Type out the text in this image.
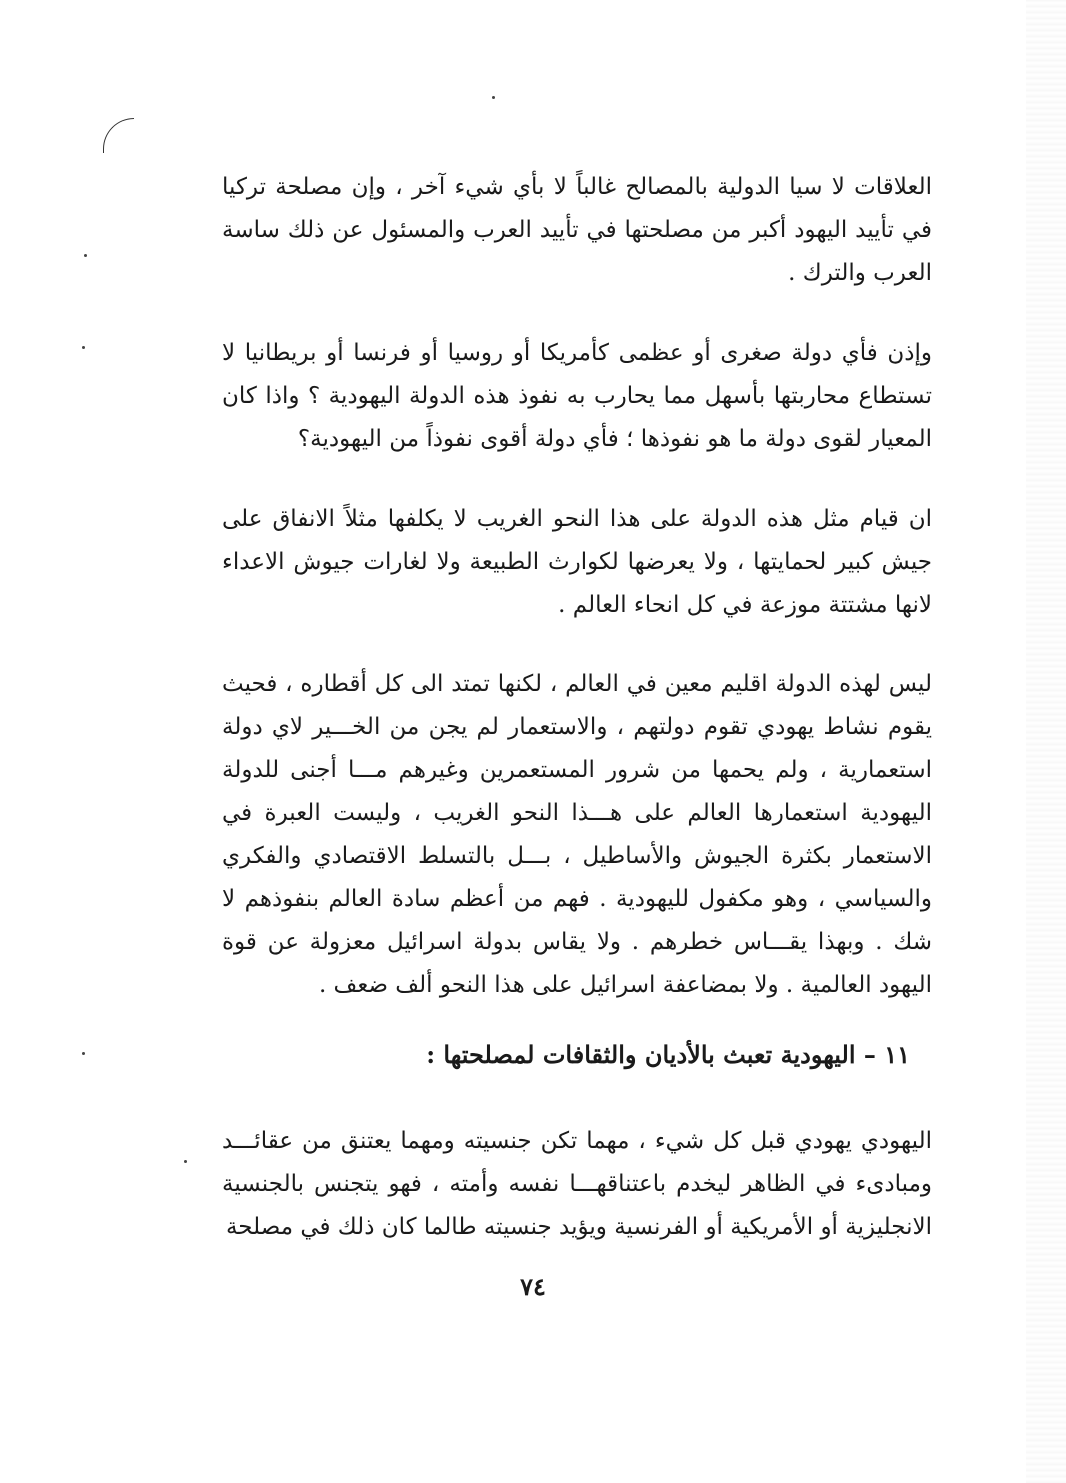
العلاقات لا سيا الدولية بالمصالح غالباً لا بأي شيء آخر ، وإن مصلحة تركيا في تأييد اليهود أكبر من مصلحتها في تأييد العرب والمسئول عن ذلك ساسة العرب والترك .

وإذن فأي دولة صغرى أو عظمى كأمريكا أو روسيا أو فرنسا أو بريطانيا لا تستطاع محاربتها بأسهل مما يحارب به نفوذ هذه الدولة اليهودية ؟ واذا كان المعيار لقوى دولة ما هو نفوذها ؛ فأي دولة أقوى نفوذاً من اليهودية؟

ان قيام مثل هذه الدولة على هذا النحو الغريب لا يكلفها مثلاً الانفاق على جيش كبير لحمايتها ، ولا يعرضها لكوارث الطبيعة ولا لغارات جيوش الاعداء لانها مشتتة موزعة في كل انحاء العالم .

ليس لهذه الدولة اقليم معين في العالم ، لكنها تمتد الى كل أقطاره ، فحيث يقوم نشاط يهودي تقوم دولتهم ، والاستعمار لم يجن من الخـــير لاي دولة استعمارية ، ولم يحمها من شرور المستعمرين وغيرهم مـــا أجنى للدولة اليهودية استعمارها العالم على هـــذا النحو الغريب ، وليست العبرة في الاستعمار بكثرة الجيوش والأساطيل ، بـــل بالتسلط الاقتصادي والفكري والسياسي ، وهو مكفول لليهودية . فهم من أعظم سادة العالم بنفوذهم لا شك . وبهذا يقـــاس خطرهم . ولا يقاس بدولة اسرائيل معزولة عن قوة اليهود العالمية . ولا بمضاعفة اسرائيل على هذا النحو ألف ضعف .

١١ – اليهودية تعبث بالأديان والثقافات لمصلحتها :

اليهودي يهودي قبل كل شيء ، مهما تكن جنسيته ومهما يعتنق من عقائـــد ومبادىء في الظاهر ليخدم باعتناقهـــا نفسه وأمته ، فهو يتجنس بالجنسية الانجليزية أو الأمريكية أو الفرنسية ويؤيد جنسيته طالما كان ذلك في مصلحة

٧٤
